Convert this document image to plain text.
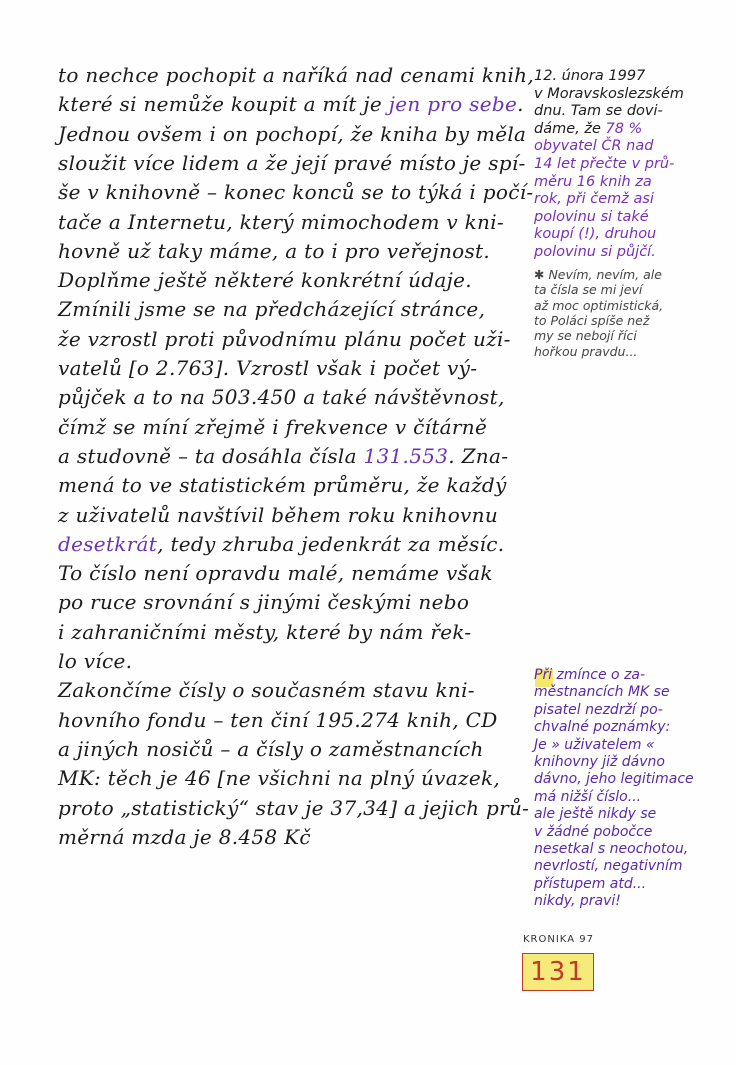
to nechce pochopit a naříká nad cenami knih,
které si nemůže koupit a mít je jen pro sebe.
Jednou ovšem i on pochopí, že kniha by měla
sloužit více lidem a že její pravé místo je spí-
še v knihovně – konec konců se to týká i počí-
tače a Internetu, který mimochodem v kni-
hovně už taky máme, a to i pro veřejnost.
Doplňme ještě některé konkrétní údaje.
Zmínili jsme se na předcházející stránce,
že vzrostl proti původnímu plánu počet uži-
vatelů [o 2.763]. Vzrostl však i počet vý-
půjček a to na 503.450 a také návštěvnost,
čímž se míní zřejmě i frekvence v čítárně
a studovně – ta dosáhla čísla 131.553. Zna-
mená to ve statistickém průměru, že každý
z uživatelů navštívil během roku knihovnu
desetkrát, tedy zhruba jedenkrát za měsíc.
To číslo není opravdu malé, nemáme však
po ruce srovnání s jinými českými nebo
i zahraničními městy, které by nám řek-
lo více.
Zakončíme čísly o současném stavu kni-
hovního fondu – ten činí 195.274 knih, CD
a jiných nosičů – a čísly o zaměstnancích
MK: těch je 46 [ne všichni na plný úvazek,
proto „statistický“ stav je 37,34] a jejich prů-
měrná mzda je 8.458 Kč
12. února 1997
v Moravskoslezském
dnu. Tam se dovi-
dáme, že 78 %
obyvatel ČR nad
14 let přečte v prů-
měru 16 knih za
rok, při čemž asi
polovinu si také
koupí (!), druhou
polovinu si půjčí.
✱ Nevím, nevím, ale
ta čísla se mi jeví
až moc optimistická,
to Poláci spíše než
my se nebojí říci
hořkou pravdu...
Při zmínce o za-
městnancích MK se
pisatel nezdrží po-
chvalné poznámky:
Je » uživatelem «
knihovny již dávno
dávno, jeho legitimace
má nižší číslo...
ale ještě nikdy se
v žádné pobočce
nesetkal s neochotou,
nevrlostí, negativním
přístupem atd...
nikdy, pravi!
KRONIKA 97
131
